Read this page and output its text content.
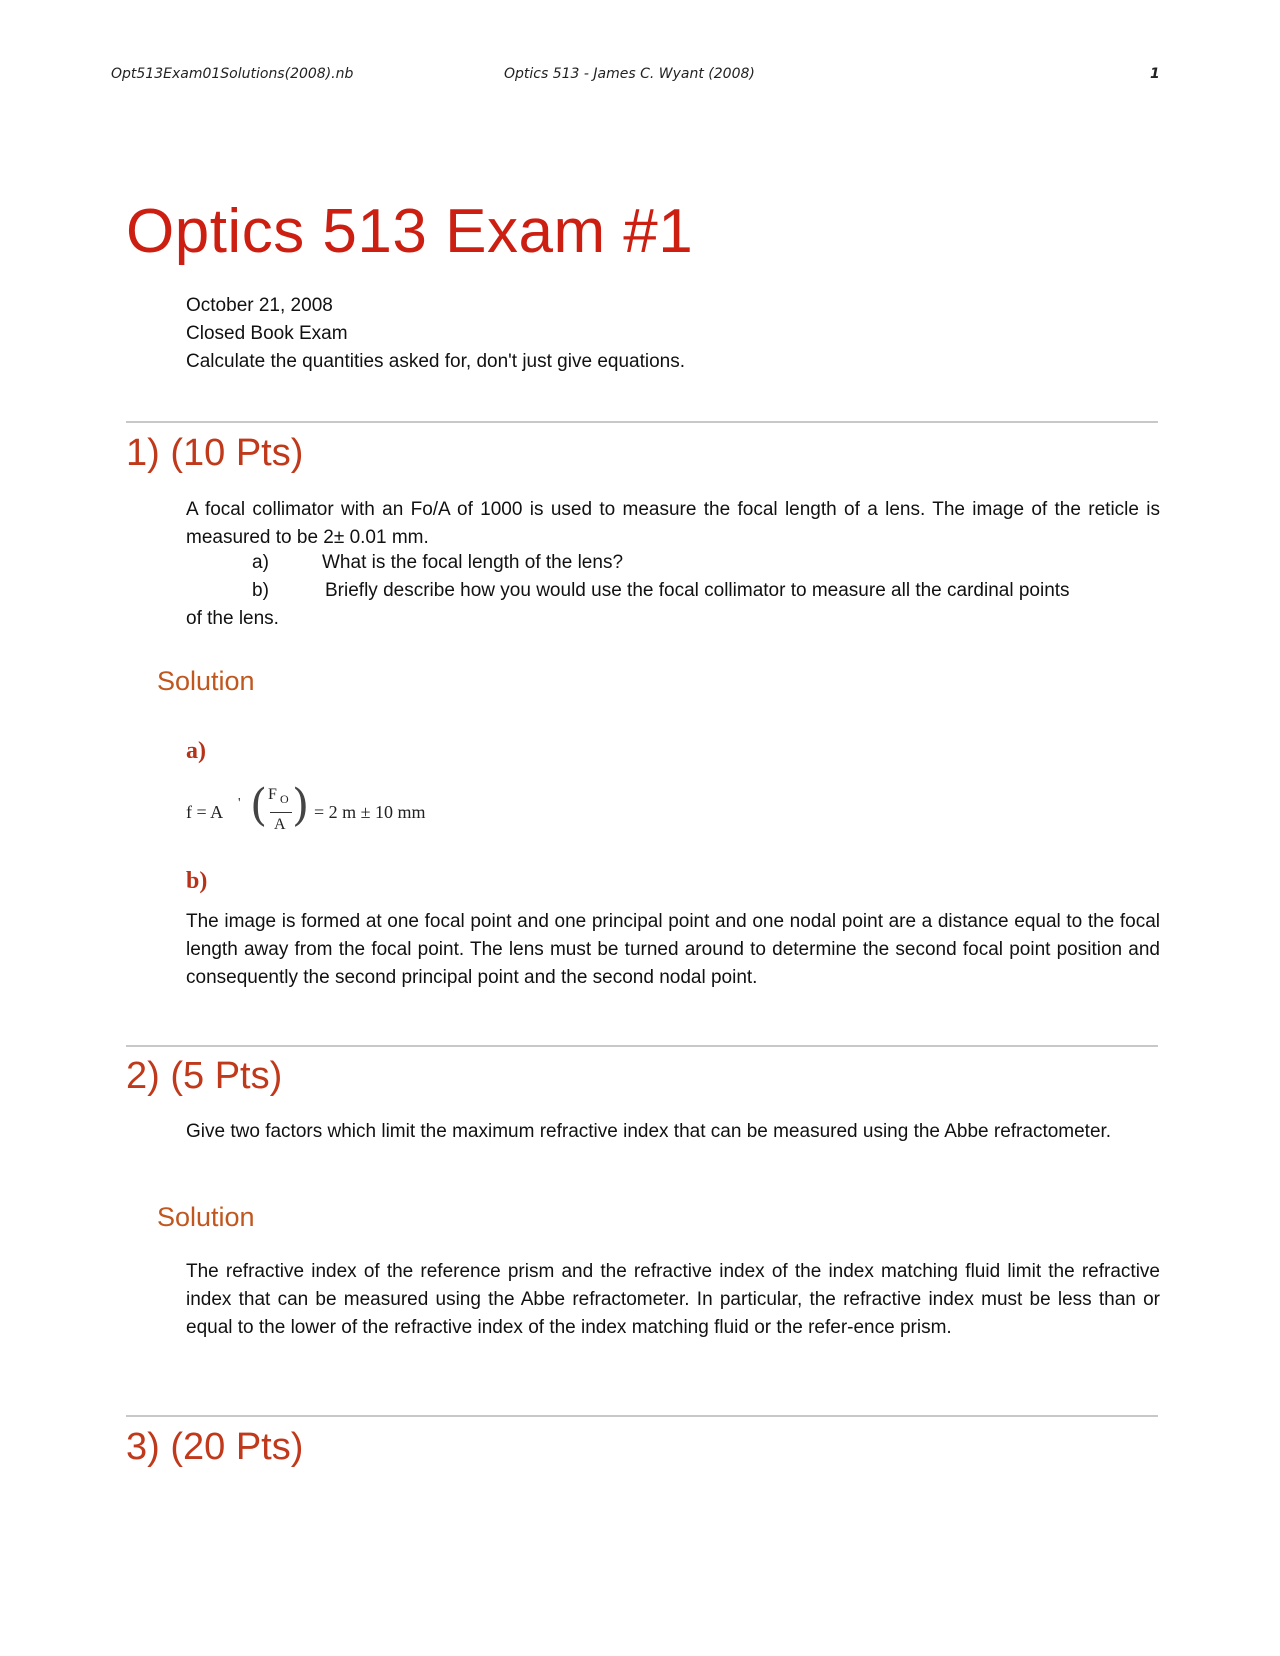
Opt513Exam01Solutions(2008).nb	Optics 513 - James C. Wyant (2008)	1
Optics 513 Exam #1
October 21, 2008
Closed Book Exam
Calculate the quantities asked for, don't just give equations.
1) (10 Pts)

A focal collimator with an Fo/A of 1000 is used to measure the focal length of a lens. The image of the reticle is measured to be 2± 0.01 mm.

a)	What is the focal length of the lens?
b)	Briefly describe how you would use the focal collimator to measure all the cardinal points
of the lens.
Solution
a)
f = A ' ( F O
A ) = 2 m ± 10 mm
b)

The image is formed at one focal point and one principal point and one nodal point are a distance equal to the focal length away from the focal point. The lens must be turned around to determine the second focal point position and consequently the second principal point and the second nodal point.

2) (5 Pts)

Give two factors which limit the maximum refractive index that can be measured using the Abbe refractometer.

Solution

The refractive index of the reference prism and the refractive index of the index matching fluid limit the refractive index that can be measured using the Abbe refractometer. In particular, the refractive index must be less than or equal to the lower of the refractive index of the index matching fluid or the refer-ence prism.

3) (20 Pts)
